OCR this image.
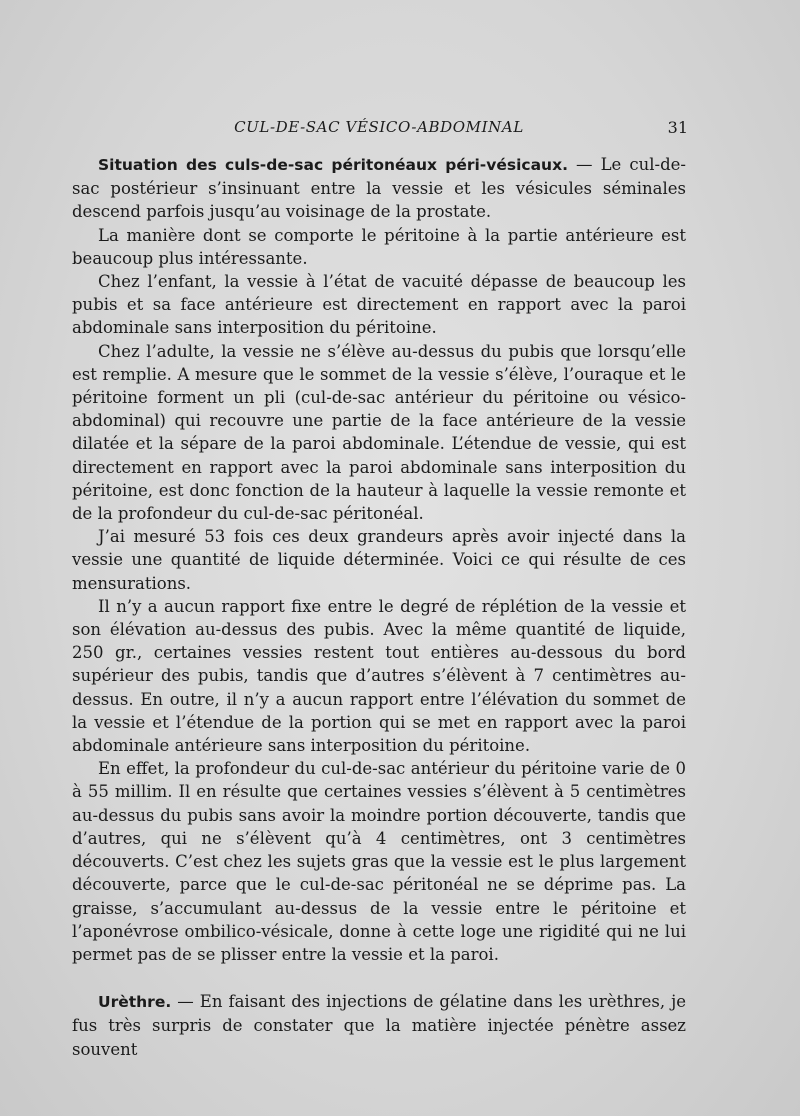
CUL-DE-SAC VÉSICO-ABDOMINAL	31

Situation des culs-de-sac péritonéaux péri-vésicaux. — Le cul-de-sac postérieur s’insinuant entre la vessie et les vésicules séminales descend parfois jusqu’au voisinage de la prostate.

La manière dont se comporte le péritoine à la partie antérieure est beaucoup plus intéressante.

Chez l’enfant, la vessie à l’état de vacuité dépasse de beaucoup les pubis et sa face antérieure est directement en rapport avec la paroi abdominale sans interposition du péritoine.

Chez l’adulte, la vessie ne s’élève au-dessus du pubis que lorsqu’elle est remplie. A mesure que le sommet de la vessie s’élève, l’ouraque et le péritoine forment un pli (cul-de-sac antérieur du péritoine ou vésico-abdominal) qui recouvre une partie de la face antérieure de la vessie dilatée et la sépare de la paroi abdominale. L’étendue de vessie, qui est directement en rapport avec la paroi abdominale sans interposition du péritoine, est donc fonction de la hauteur à laquelle la vessie remonte et de la profondeur du cul-de-sac péritonéal.

J’ai mesuré 53 fois ces deux grandeurs après avoir injecté dans la vessie une quantité de liquide déterminée. Voici ce qui résulte de ces mensurations.

Il n’y a aucun rapport fixe entre le degré de réplétion de la vessie et son élévation au-dessus des pubis. Avec la même quantité de liquide, 250 gr., certaines vessies restent tout entières au-dessous du bord supérieur des pubis, tandis que d’autres s’élèvent à 7 centimètres au-dessus. En outre, il n’y a aucun rapport entre l’élévation du sommet de la vessie et l’étendue de la portion qui se met en rapport avec la paroi abdominale antérieure sans interposition du péritoine.

En effet, la profondeur du cul-de-sac antérieur du péritoine varie de 0 à 55 millim. Il en résulte que certaines vessies s’élèvent à 5 centimètres au-dessus du pubis sans avoir la moindre portion découverte, tandis que d’autres, qui ne s’élèvent qu’à 4 centimètres, ont 3 centimètres découverts. C’est chez les sujets gras que la vessie est le plus largement découverte, parce que le cul-de-sac péritonéal ne se déprime pas. La graisse, s’accumulant au-dessus de la vessie entre le péritoine et l’aponévrose ombilico-vésicale, donne à cette loge une rigidité qui ne lui permet pas de se plisser entre la vessie et la paroi.

Urèthre. — En faisant des injections de gélatine dans les urèthres, je fus très surpris de constater que la matière injectée pénètre assez souvent
